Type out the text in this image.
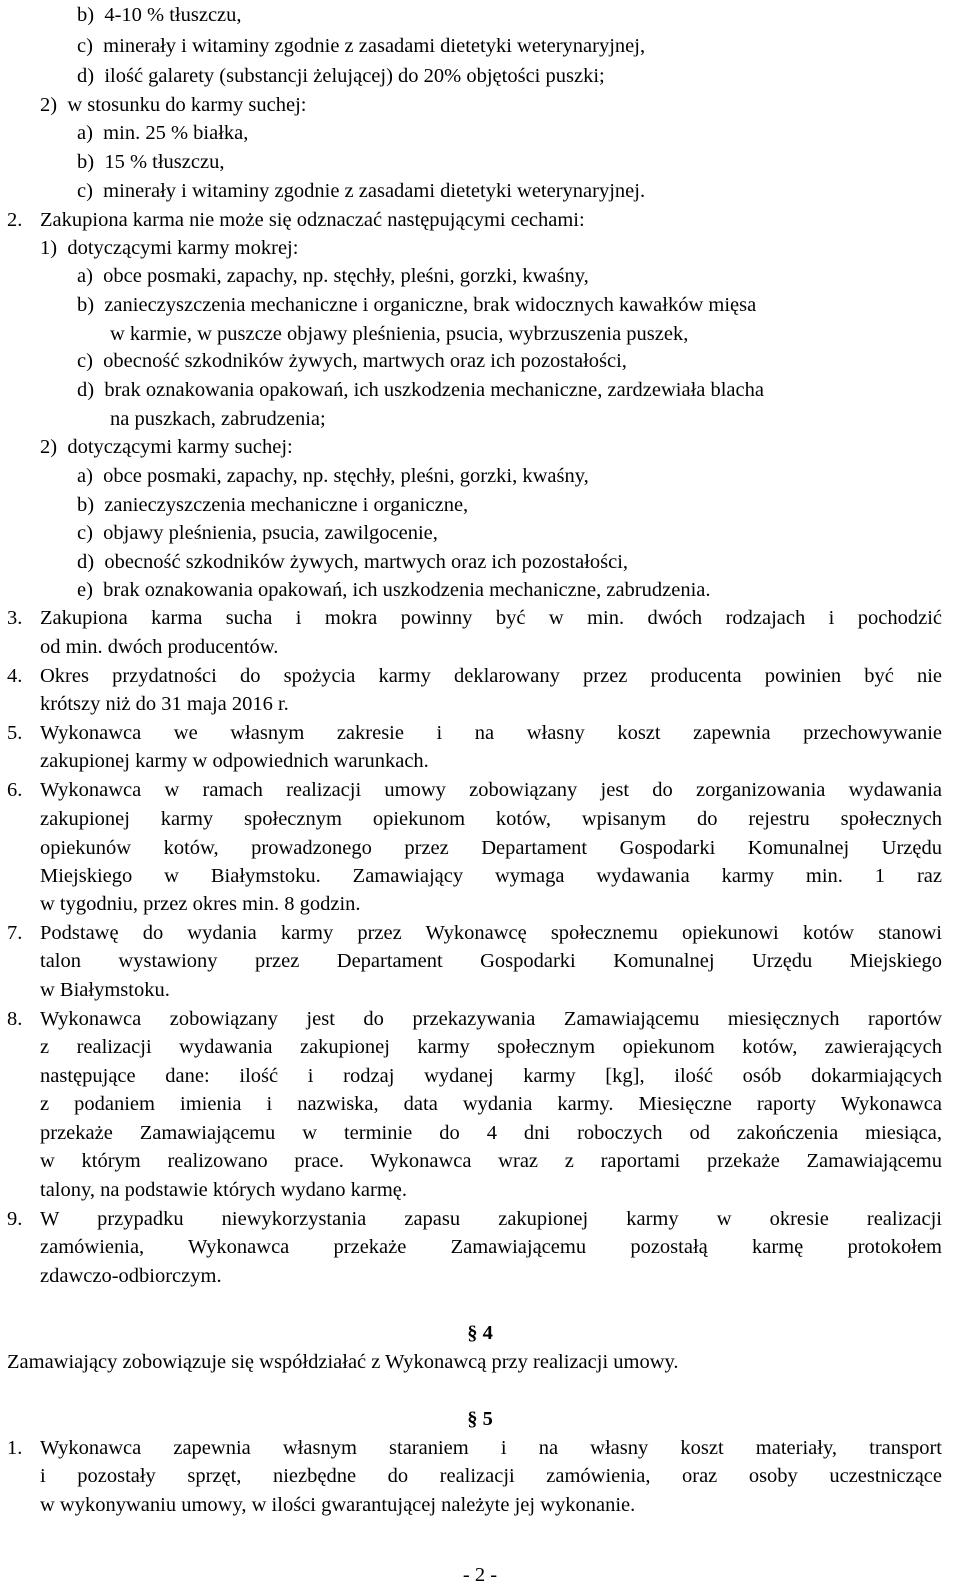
b)  4-10 % tłuszczu,
c)  minerały i witaminy zgodnie z zasadami dietetyki weterynaryjnej,
d)  ilość galarety (substancji żelującej) do 20% objętości puszki;
2)  w stosunku do karmy suchej:
a)  min. 25 % białka,
b)  15 % tłuszczu,
c)  minerały i witaminy zgodnie z zasadami dietetyki weterynaryjnej.
2. Zakupiona karma nie może się odznaczać następującymi cechami:
1)  dotyczącymi karmy mokrej:
a)  obce posmaki, zapachy, np. stęchły, pleśni, gorzki, kwaśny,
b)  zanieczyszczenia mechaniczne i organiczne, brak widocznych kawałków mięsa
w karmie, w puszcze objawy pleśnienia, psucia, wybrzuszenia puszek,
c)  obecność szkodników żywych, martwych oraz ich pozostałości,
d)  brak oznakowania opakowań, ich uszkodzenia mechaniczne, zardzewiała blacha
na puszkach, zabrudzenia;
2)  dotyczącymi karmy suchej:
a)  obce posmaki, zapachy, np. stęchły, pleśni, gorzki, kwaśny,
b)  zanieczyszczenia mechaniczne i organiczne,
c)  objawy pleśnienia, psucia, zawilgocenie,
d)  obecność szkodników żywych, martwych oraz ich pozostałości,
e)  brak oznakowania opakowań, ich uszkodzenia mechaniczne, zabrudzenia.
3. Zakupiona karma sucha i mokra powinny być w min. dwóch rodzajach i pochodzić
od min. dwóch producentów.
4. Okres przydatności do spożycia karmy deklarowany przez producenta powinien być nie
krótszy niż do 31 maja 2016 r.
5. Wykonawca we własnym zakresie i na własny koszt zapewnia przechowywanie
zakupionej karmy w odpowiednich warunkach.
6. Wykonawca w ramach realizacji umowy zobowiązany jest do zorganizowania wydawania
zakupionej karmy społecznym opiekunom kotów, wpisanym do rejestru społecznych
opiekunów kotów, prowadzonego przez Departament Gospodarki Komunalnej Urzędu
Miejskiego w Białymstoku. Zamawiający wymaga wydawania karmy min. 1 raz
w tygodniu, przez okres min. 8 godzin.
7. Podstawę do wydania karmy przez Wykonawcę społecznemu opiekunowi kotów stanowi
talon wystawiony przez Departament Gospodarki Komunalnej Urzędu Miejskiego
w Białymstoku.
8. Wykonawca zobowiązany jest do przekazywania Zamawiającemu miesięcznych raportów
z realizacji wydawania zakupionej karmy społecznym opiekunom kotów, zawierających
następujące dane: ilość i rodzaj wydanej karmy [kg], ilość osób dokarmiających
z podaniem imienia i nazwiska, data wydania karmy. Miesięczne raporty Wykonawca
przekaże Zamawiającemu w terminie do 4 dni roboczych od zakończenia miesiąca,
w którym realizowano prace. Wykonawca wraz z raportami przekaże Zamawiającemu
talony, na podstawie których wydano karmę.
9. W przypadku niewykorzystania zapasu zakupionej karmy w okresie realizacji
zamówienia, Wykonawca przekaże Zamawiającemu pozostałą karmę protokołem
zdawczo-odbiorczym.
§ 4
Zamawiający zobowiązuje się współdziałać z Wykonawcą przy realizacji umowy.
§ 5
1. Wykonawca zapewnia własnym staraniem i na własny koszt materiały, transport
i pozostały sprzęt, niezbędne do realizacji zamówienia, oraz osoby uczestniczące
w wykonywaniu umowy, w ilości gwarantującej należyte jej wykonanie.
- 2 -
